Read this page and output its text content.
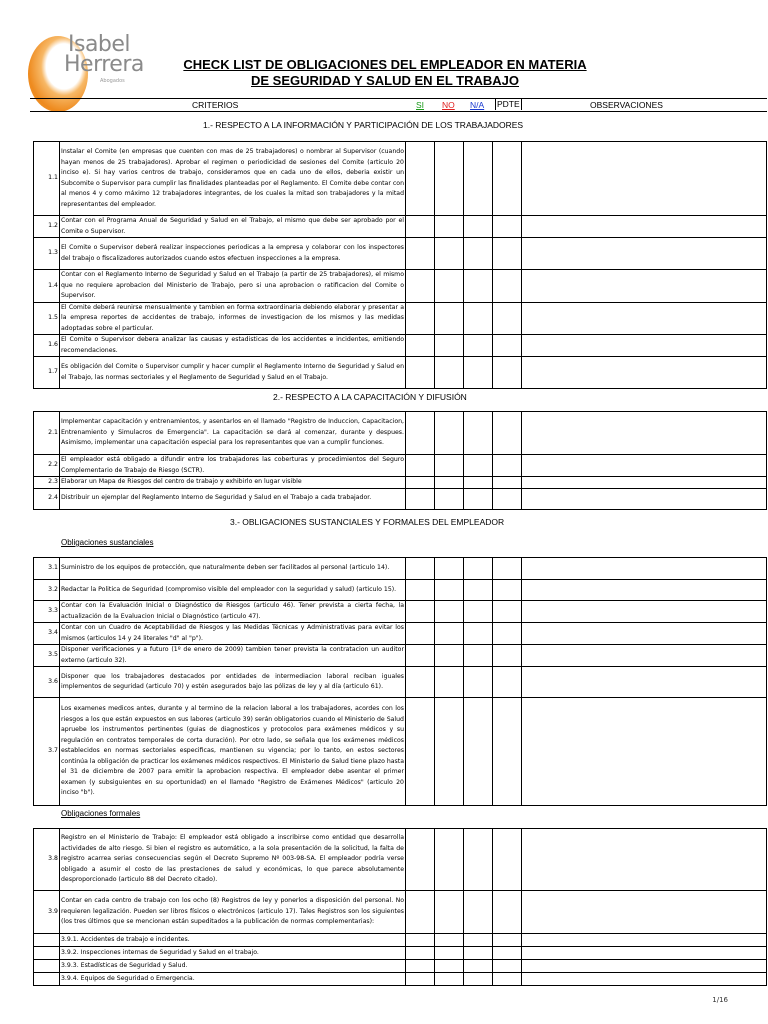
Isabel
Herrera
Abogados
CHECK LIST DE OBLIGACIONES DEL EMPLEADOR EN MATERIA
DE SEGURIDAD Y SALUD EN EL TRABAJO
CRITERIOS	SI NO N/A PDTE	OBSERVACIONES
1.- RESPECTO A LA INFORMACIÓN Y PARTICIPACIÓN DE LOS TRABAJADORES
1.1	Instalar el Comite (en empresas que cuenten con mas de 25 trabajadores) o nombrar al Supervisor (cuando hayan menos de 25 trabajadores). Aprobar el regimen o periodicidad de sesiones del Comite (articulo 20 inciso e). Si hay varios centros de trabajo, consideramos que en cada uno de ellos, deberia existir un Subcomite o Supervisor para cumplir las finalidades planteadas por el Reglamento. El Comite debe contar con al menos 4 y como máximo 12 trabajadores integrantes, de los cuales la mitad son trabajadores y la mitad representantes del empleador.					
1.2	Contar con el Programa Anual de Seguridad y Salud en el Trabajo, el mismo que debe ser aprobado por el Comite o Supervisor.					
1.3	El Comite o Supervisor deberá realizar inspecciones periodicas a la empresa y colaborar con los inspectores del trabajo o fiscalizadores autorizados cuando estos efectuen inspecciones a la empresa.					
1.4	Contar con el Reglamento Interno de Seguridad y Salud en el Trabajo (a partir de 25 trabajadores), el mismo que no requiere aprobacion del Ministerio de Trabajo, pero si una aprobacion o ratificacion del Comite o Supervisor.					
1.5	El Comite deberá reunirse mensualmente y tambien en forma extraordinaria debiendo elaborar y presentar a la empresa reportes de accidentes de trabajo, informes de investigacion de los mismos y las medidas adoptadas sobre el particular.					
1.6	El Comite o Supervisor debera analizar las causas y estadisticas de los accidentes e incidentes, emitiendo recomendaciones.					
1.7	Es obligación del Comite o Supervisor cumplir y hacer cumplir el Reglamento Interno de Seguridad y Salud en el Trabajo, las normas sectoriales y el Reglamento de Seguridad y Salud en el Trabajo.					
2.- RESPECTO A LA CAPACITACIÓN Y DIFUSIÓN
2.1	Implementar capacitación y entrenamientos, y asentarlos en el llamado "Registro de Induccion, Capacitacion, Entrenamiento y Simulacros de Emergencia". La capacitación se dará al comenzar, durante y despues. Asimismo, implementar una capacitación especial para los representantes que van a cumplir funciones.					
2.2	El empleador está obligado a difundir entre los trabajadores las coberturas y procedimientos del Seguro Complementario de Trabajo de Riesgo (SCTR).					
2.3	Elaborar un Mapa de Riesgos del centro de trabajo y exhibirlo en lugar visible					
2.4	Distribuir un ejemplar del Reglamento Interno de Seguridad y Salud en el Trabajo a cada trabajador.					
3.- OBLIGACIONES SUSTANCIALES Y FORMALES DEL EMPLEADOR
Obligaciones sustanciales
3.1	Suministro de los equipos de protección, que naturalmente deben ser facilitados al personal (articulo 14).					
3.2	Redactar la Politica de Seguridad (compromiso visible del empleador con la seguridad y salud) (articulo 15).					
3.3	Contar con la Evaluación Inicial o Diagnóstico de Riesgos (articulo 46). Tener prevista a cierta fecha, la actualización de la Evaluacion Inicial o Diagnóstico (articulo 47).					
3.4	Contar con un Cuadro de Aceptabilidad de Riesgos y las Medidas Técnicas y Administrativas para evitar los mismos (articulos 14 y 24 literales "d" al "p").					
3.5	Disponer verificaciones y a futuro (1º de enero de 2009) tambien tener prevista la contratacion un auditor externo (articulo 32).					
3.6	Disponer que los trabajadores destacados por entidades de intermediacion laboral reciban iguales implementos de seguridad (articulo 70) y estén asegurados bajo las pólizas de ley y al día (articulo 61).					
3.7	Los examenes medicos antes, durante y al termino de la relacion laboral a los trabajadores, acordes con los riesgos a los que están expuestos en sus labores (articulo 39) serán obligatorios cuando el Ministerio de Salud apruebe los instrumentos pertinentes (guias de diagnosticos y protocolos para exámenes médicos y su regulación en contratos temporales de corta duración). Por otro lado, se señala que los exámenes médicos establecidos en normas sectoriales especificas, mantienen su vigencia; por lo tanto, en estos sectores continúa la obligación de practicar los exámenes médicos respectivos. El Ministerio de Salud tiene plazo hasta el 31 de diciembre de 2007 para emitir la aprobacion respectiva. El empleador debe asentar el primer examen (y subsiguientes en su oportunidad) en el llamado "Registro de Exámenes Médicos" (articulo 20 inciso "b").					
Obligaciones formales
3.8	Registro en el Ministerio de Trabajo: El empleador está obligado a inscribirse como entidad que desarrolla actividades de alto riesgo. Si bien el registro es automático, a la sola presentación de la solicitud, la falta de registro acarrea serias consecuencias según el Decreto Supremo Nº 003-98-SA. El empleador podría verse obligado a asumir el costo de las prestaciones de salud y económicas, lo que parece absolutamente desproporcionado (articulo 88 del Decreto citado).					
3.9	Contar en cada centro de trabajo con los ocho (8) Registros de ley y ponerlos a disposición del personal. No requieren legalización. Pueden ser libros físicos o electrónicos (articulo 17). Tales Registros son los siguientes (los tres últimos que se mencionan están supeditados a la publicación de normas complementarias):					
	3.9.1. Accidentes de trabajo e incidentes.					
	3.9.2. Inspecciones internas de Seguridad y Salud en el trabajo.					
	3.9.3. Estadísticas de Seguridad y Salud.					
	3.9.4. Equipos de Seguridad o Emergencia.					
1/16
